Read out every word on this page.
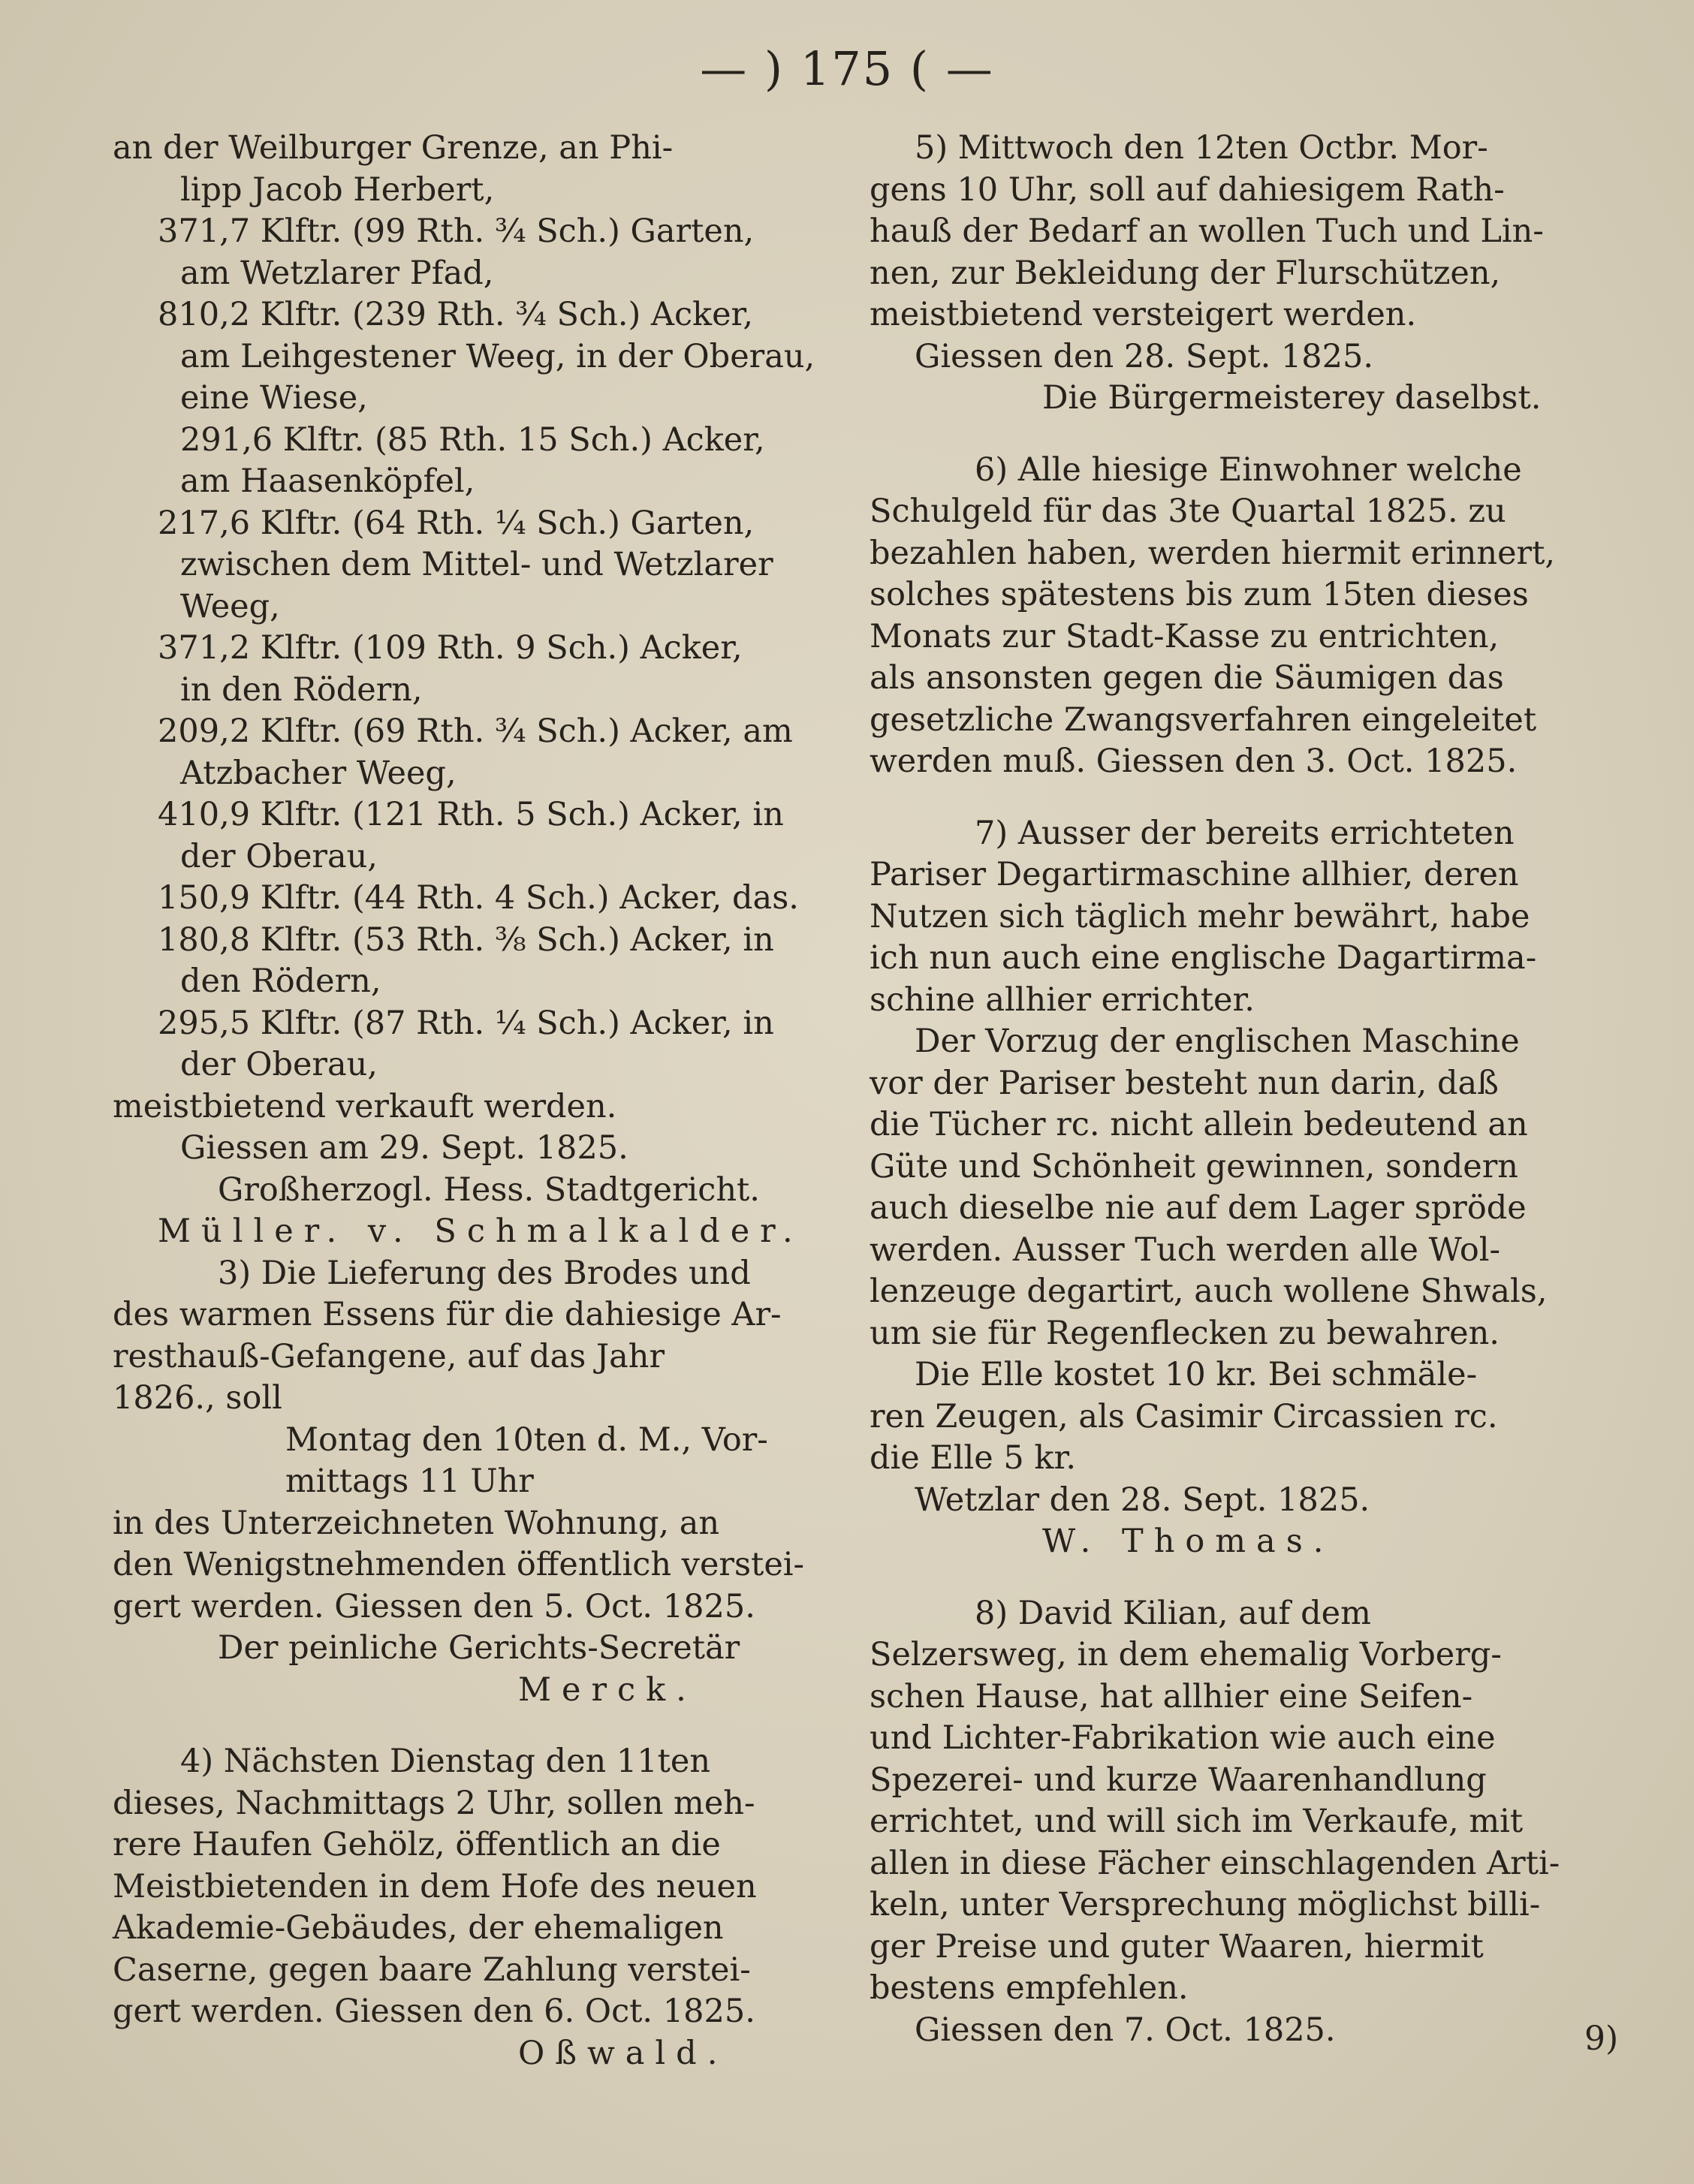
— ) 175 ( —
an der Weilburger Grenze, an Phi-
lipp Jacob Herbert,
371,7 Klftr. (99 Rth. ¾ Sch.) Garten,
am Wetzlarer Pfad,
810,2 Klftr. (239 Rth. ¾ Sch.) Acker,
am Leihgestener Weeg, in der Oberau,
eine Wiese,
291,6 Klftr. (85 Rth. 15 Sch.) Acker,
am Haasenköpfel,
217,6 Klftr. (64 Rth. ¼ Sch.) Garten,
zwischen dem Mittel- und Wetzlarer
Weeg,
371,2 Klftr. (109 Rth. 9 Sch.) Acker,
in den Rödern,
209,2 Klftr. (69 Rth. ¾ Sch.) Acker, am
Atzbacher Weeg,
410,9 Klftr. (121 Rth. 5 Sch.) Acker, in
der Oberau,
150,9 Klftr. (44 Rth. 4 Sch.) Acker, das.
180,8 Klftr. (53 Rth. ⅜ Sch.) Acker, in
den Rödern,
295,5 Klftr. (87 Rth. ¼ Sch.) Acker, in
der Oberau,
meistbietend verkauft werden.
Giessen am 29. Sept. 1825.
Großherzogl. Hess. Stadtgericht.
Müller. v. Schmalkalder.
3) Die Lieferung des Brodes und
des warmen Essens für die dahiesige Ar-
resthauß-Gefangene, auf das Jahr
1826., soll
Montag den 10ten d. M., Vor-
mittags 11 Uhr
in des Unterzeichneten Wohnung, an
den Wenigstnehmenden öffentlich verstei-
gert werden. Giessen den 5. Oct. 1825.
Der peinliche Gerichts-Secretär
Merck.
4) Nächsten Dienstag den 11ten
dieses, Nachmittags 2 Uhr, sollen meh-
rere Haufen Gehölz, öffentlich an die
Meistbietenden in dem Hofe des neuen
Akademie-Gebäudes, der ehemaligen
Caserne, gegen baare Zahlung verstei-
gert werden. Giessen den 6. Oct. 1825.
Oßwald.
5) Mittwoch den 12ten Octbr. Mor-
gens 10 Uhr, soll auf dahiesigem Rath-
hauß der Bedarf an wollen Tuch und Lin-
nen, zur Bekleidung der Flurschützen,
meistbietend versteigert werden.
Giessen den 28. Sept. 1825.
Die Bürgermeisterey daselbst.
6) Alle hiesige Einwohner welche
Schulgeld für das 3te Quartal 1825. zu
bezahlen haben, werden hiermit erinnert,
solches spätestens bis zum 15ten dieses
Monats zur Stadt-Kasse zu entrichten,
als ansonsten gegen die Säumigen das
gesetzliche Zwangsverfahren eingeleitet
werden muß. Giessen den 3. Oct. 1825.
7) Ausser der bereits errichteten
Pariser Degartirmaschine allhier, deren
Nutzen sich täglich mehr bewährt, habe
ich nun auch eine englische Dagartirma-
schine allhier errichter.
Der Vorzug der englischen Maschine
vor der Pariser besteht nun darin, daß
die Tücher rc. nicht allein bedeutend an
Güte und Schönheit gewinnen, sondern
auch dieselbe nie auf dem Lager spröde
werden. Ausser Tuch werden alle Wol-
lenzeuge degartirt, auch wollene Shwals,
um sie für Regenflecken zu bewahren.
Die Elle kostet 10 kr. Bei schmäle-
ren Zeugen, als Casimir Circassien rc.
die Elle 5 kr.
Wetzlar den 28. Sept. 1825.
W. Thomas.
8) David Kilian, auf dem
Selzersweg, in dem ehemalig Vorberg-
schen Hause, hat allhier eine Seifen-
und Lichter-Fabrikation wie auch eine
Spezerei- und kurze Waarenhandlung
errichtet, und will sich im Verkaufe, mit
allen in diese Fächer einschlagenden Arti-
keln, unter Versprechung möglichst billi-
ger Preise und guter Waaren, hiermit
bestens empfehlen.
Giessen den 7. Oct. 1825.	9)
